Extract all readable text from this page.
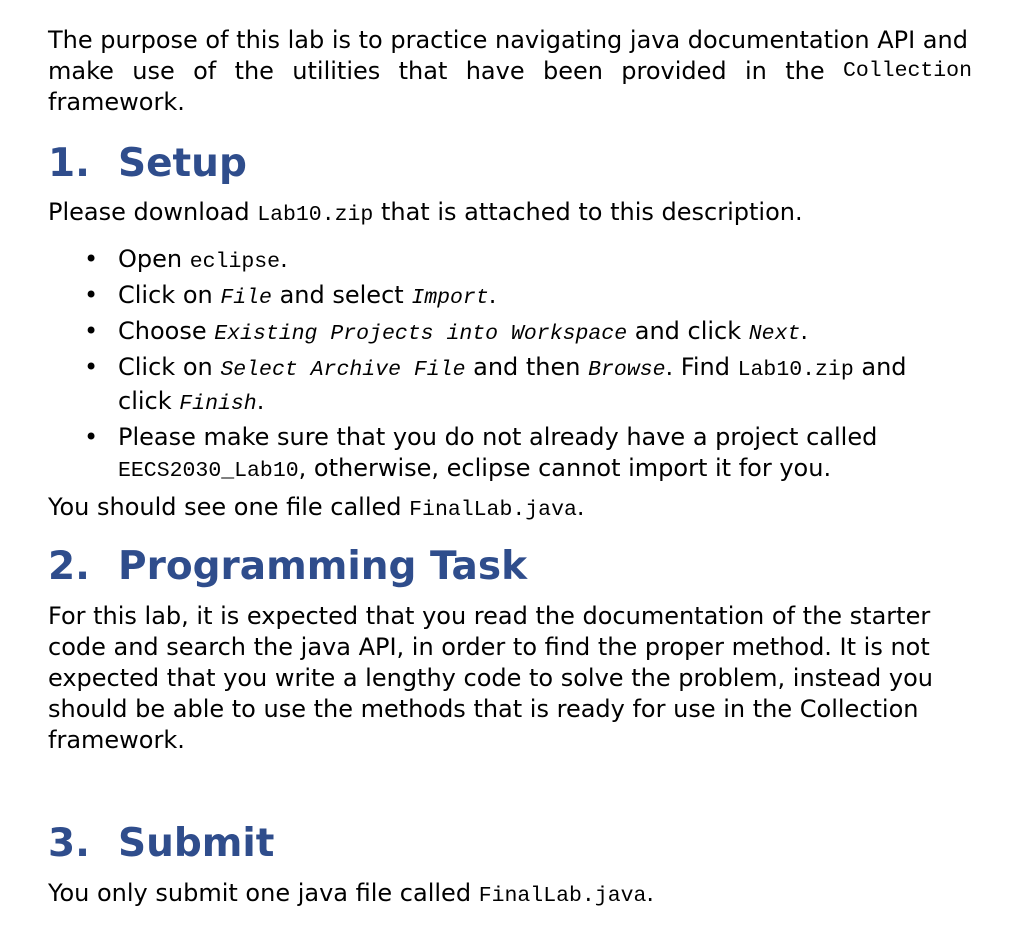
The purpose of this lab is to practice navigating java documentation API and
make use of the utilities that have been provided in the Collection
framework.
1. Setup

Please download Lab10.zip that is attached to this description.

• Open eclipse.
• Click on File and select Import.
• Choose Existing Projects into Workspace and click Next.
• Click on Select Archive File and then Browse. Find Lab10.zip and
click Finish.
• Please make sure that you do not already have a project called
EECS2030_Lab10, otherwise, eclipse cannot import it for you.

You should see one file called FinalLab.java.

2. Programming Task
For this lab, it is expected that you read the documentation of the starter
code and search the java API, in order to find the proper method. It is not
expected that you write a lengthy code to solve the problem, instead you
should be able to use the methods that is ready for use in the Collection
framework.
3. Submit

You only submit one java file called FinalLab.java.
